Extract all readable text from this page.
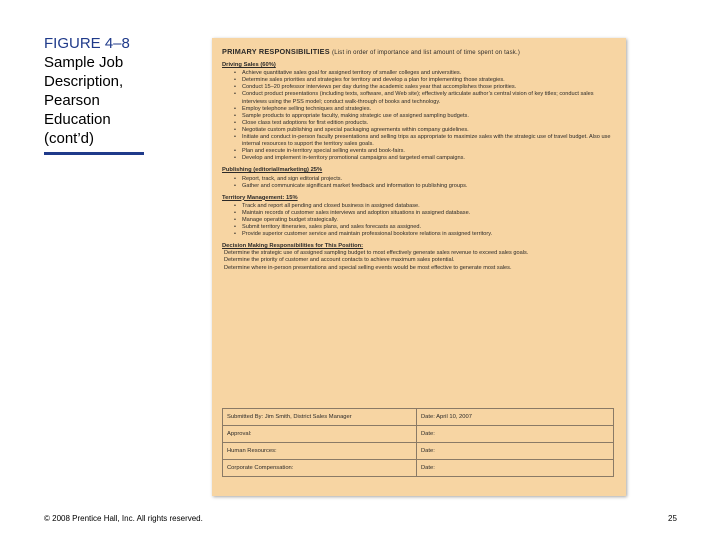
FIGURE 4–8
Sample Job
Description,
Pearson
Education
(cont’d)
PRIMARY RESPONSIBILITIES (List in order of importance and list amount of time spent on task.)
Driving Sales (60%)
• Achieve quantitative sales goal for assigned territory of smaller colleges and universities.
• Determine sales priorities and strategies for territory and develop a plan for implementing those strategies.
• Conduct 15–20 professor interviews per day during the academic sales year that accomplishes those priorities.
• Conduct product presentations (including texts, software, and Web site); effectively articulate author’s central vision of key titles; conduct sales interviews using the PSS model; conduct walk-through of books and technology.
• Employ telephone selling techniques and strategies.
• Sample products to appropriate faculty, making strategic use of assigned sampling budgets.
• Close class test adoptions for first edition products.
• Negotiate custom publishing and special packaging agreements within company guidelines.
• Initiate and conduct in-person faculty presentations and selling trips as appropriate to maximize sales with the strategic use of travel budget. Also use internal resources to support the territory sales goals.
• Plan and execute in-territory special selling events and book-fairs.
• Develop and implement in-territory promotional campaigns and targeted email campaigns.
Publishing (editorial/marketing) 25%
• Report, track, and sign editorial projects.
• Gather and communicate significant market feedback and information to publishing groups.
Territory Management: 15%
• Track and report all pending and closed business in assigned database.
• Maintain records of customer sales interviews and adoption situations in assigned database.
• Manage operating budget strategically.
• Submit territory itineraries, sales plans, and sales forecasts as assigned.
• Provide superior customer service and maintain professional bookstore relations in assigned territory.
Decision Making Responsibilities for This Position:
Determine the strategic use of assigned sampling budget to most effectively generate sales revenue to exceed sales goals.
Determine the priority of customer and account contacts to achieve maximum sales potential.
Determine where in-person presentations and special selling events would be most effective to generate most sales.
Submitted By: Jim Smith, District Sales Manager	Date: April 10, 2007
Approval:	Date:
Human Resources:	Date:
Corporate Compensation:	Date:
© 2008 Prentice Hall, Inc. All rights reserved.	25
